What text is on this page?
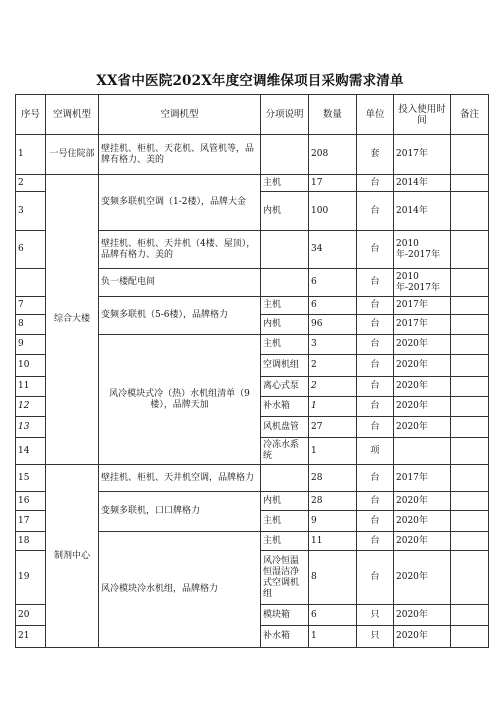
XX省中医院202X年度空调维保项目采购需求清单
序号	空调机型	空调机型	分项说明	数量	单位	投入使用时间	备注
1	一号住院部	壁挂机、柜机、天花机、风管机等，品牌有格力、美的		208	套	2017年	
2	综合大楼	变频多联机空调（1-2楼），品牌大金	主机	17	台	2014年	
3			内机	100	台	2014年	
6		壁挂机、柜机、天井机（4楼、屋顶），品牌有格力、美的		34	台	2010年-2017年	
		负一楼配电间		6	台	2010年-2017年	
7		变频多联机（5-6楼），品牌格力	主机	6	台	2017年	
8			内机	96	台	2017年	
9		风冷模块式冷（热）水机组清单（9楼），品牌天加	主机	3	台	2020年	
10			空调机组	2	台	2020年	
11			离心式泵	2	台	2020年	
12			补水箱	1	台	2020年	
13			风机盘管	27	台	2020年	
14			冷冻水系统	1	项		
15	制剂中心	壁挂机、柜机、天井机空调，品牌格力		28	台	2017年	
16		变频多联机，口口牌格力	内机	28	台	2020年	
17			主机	9	台	2020年	
18		风冷模块冷水机组，品牌格力	主机	11	台	2020年	
19			风冷恒温恒湿洁净式空调机组	8	台	2020年	
20			模块箱	6	只	2020年	
21			补水箱	1	只	2020年	
